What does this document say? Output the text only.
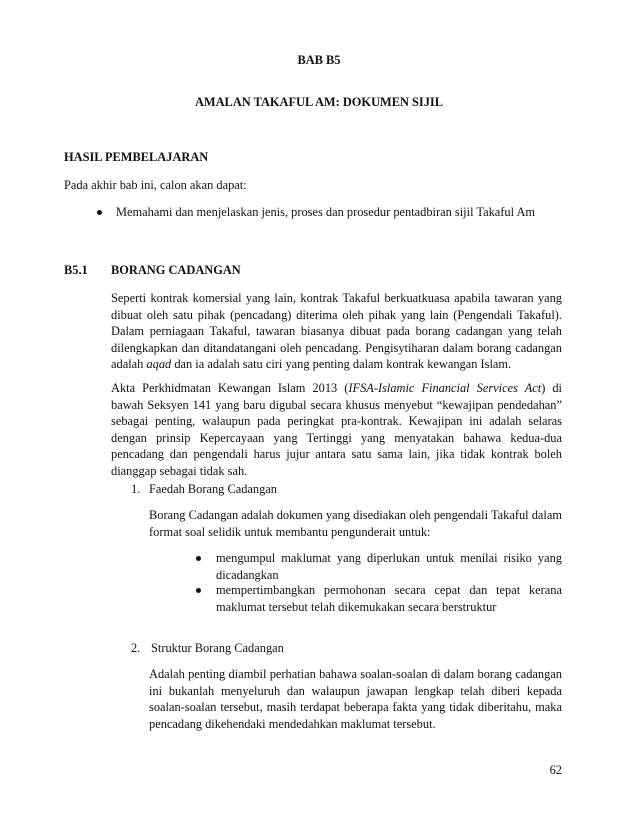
BAB B5
AMALAN TAKAFUL AM: DOKUMEN SIJIL
HASIL PEMBELAJARAN
Pada akhir bab ini, calon akan dapat:
Memahami dan menjelaskan jenis, proses dan prosedur pentadbiran sijil Takaful Am
B5.1 BORANG CADANGAN

Seperti kontrak komersial yang lain, kontrak Takaful berkuatkuasa apabila tawaran yang dibuat oleh satu pihak (pencadang) diterima oleh pihak yang lain (Pengendali Takaful). Dalam perniagaan Takaful, tawaran biasanya dibuat pada borang cadangan yang telah dilengkapkan dan ditandatangani oleh pencadang. Pengisytiharan dalam borang cadangan adalah aqad dan ia adalah satu ciri yang penting dalam kontrak kewangan Islam.

Akta Perkhidmatan Kewangan Islam 2013 (IFSA-Islamic Financial Services Act) di bawah Seksyen 141 yang baru digubal secara khusus menyebut “kewajipan pendedahan” sebagai penting, walaupun pada peringkat pra-kontrak. Kewajipan ini adalah selaras dengan prinsip Kepercayaan yang Tertinggi yang menyatakan bahawa kedua-dua pencadang dan pengendali harus jujur antara satu sama lain, jika tidak kontrak boleh dianggap sebagai tidak sah.

1. Faedah Borang Cadangan

Borang Cadangan adalah dokumen yang disediakan oleh pengendali Takaful dalam format soal selidik untuk membantu pengunderait untuk:

mengumpul maklumat yang diperlukan untuk menilai risiko yang dicadangkan

mempertimbangkan permohonan secara cepat dan tepat kerana maklumat tersebut telah dikemukakan secara berstruktur

2. Struktur Borang Cadangan

Adalah penting diambil perhatian bahawa soalan-soalan di dalam borang cadangan ini bukanlah menyeluruh dan walaupun jawapan lengkap telah diberi kepada soalan-soalan tersebut, masih terdapat beberapa fakta yang tidak diberitahu, maka pencadang dikehendaki mendedahkan maklumat tersebut.

62
